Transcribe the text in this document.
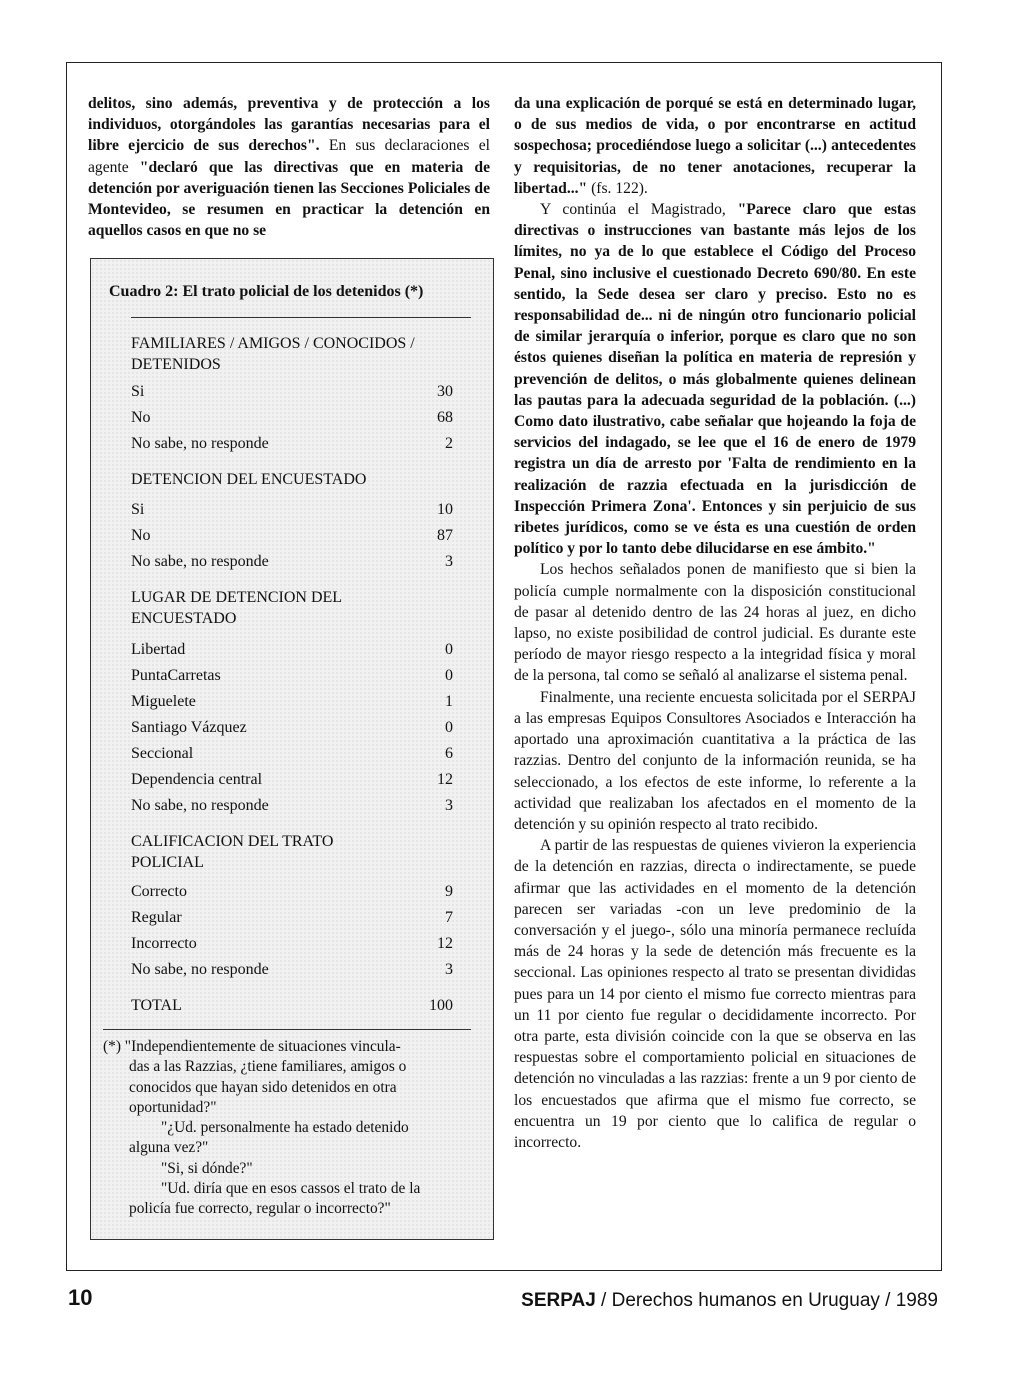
delitos, sino además, preventiva y de protección a los individuos, otorgándoles las garantías necesarias para el libre ejercicio de sus derechos". En sus declaraciones el agente "declaró que las directivas que en materia de detención por averiguación tienen las Secciones Policiales de Montevideo, se resumen en practicar la detención en aquellos casos en que no se

Cuadro 2: El trato policial de los detenidos (*)
FAMILIARES / AMIGOS / CONOCIDOS / DETENIDOS
Si	30
No	68
No sabe, no responde	2
DETENCION DEL ENCUESTADO
Si	10
No	87
No sabe, no responde	3
LUGAR DE DETENCION DEL ENCUESTADO
Libertad	0
PuntaCarretas	0
Miguelete	1
Santiago Vázquez	0
Seccional	6
Dependencia central	12
No sabe, no responde	3
CALIFICACION DEL TRATO POLICIAL
Correcto	9
Regular	7
Incorrecto	12
No sabe, no responde	3
TOTAL	100
(*) "Independientemente de situaciones vincula-
das a las Razzias, ¿tiene familiares, amigos o
conocidos que hayan sido detenidos en otra
oportunidad?"
"¿Ud. personalmente ha estado detenido
alguna vez?"
"Si, si dónde?"
"Ud. diría que en esos cassos el trato de la
policía fue correcto, regular o incorrecto?"

da una explicación de porqué se está en determinado lugar, o de sus medios de vida, o por encontrarse en actitud sospechosa; procediéndose luego a solicitar (...) antecedentes y requisitorias, de no tener anotaciones, recuperar la libertad..." (fs. 122).

Y continúa el Magistrado, "Parece claro que estas directivas o instrucciones van bastante más lejos de los límites, no ya de lo que establece el Código del Proceso Penal, sino inclusive el cuestionado Decreto 690/80. En este sentido, la Sede desea ser claro y preciso. Esto no es responsabilidad de... ni de ningún otro funcionario policial de similar jerarquía o inferior, porque es claro que no son éstos quienes diseñan la política en materia de represión y prevención de delitos, o más globalmente quienes delinean las pautas para la adecuada seguridad de la población. (...) Como dato ilustrativo, cabe señalar que hojeando la foja de servicios del indagado, se lee que el 16 de enero de 1979 registra un día de arresto por 'Falta de rendimiento en la realización de razzia efectuada en la jurisdicción de Inspección Primera Zona'. Entonces y sin perjuicio de sus ribetes jurídicos, como se ve ésta es una cuestión de orden político y por lo tanto debe dilucidarse en ese ámbito."

Los hechos señalados ponen de manifiesto que si bien la policía cumple normalmente con la disposición constitucional de pasar al detenido dentro de las 24 horas al juez, en dicho lapso, no existe posibilidad de control judicial. Es durante este período de mayor riesgo respecto a la integridad física y moral de la persona, tal como se señaló al analizarse el sistema penal.

Finalmente, una reciente encuesta solicitada por el SERPAJ a las empresas Equipos Consultores Asociados e Interacción ha aportado una aproximación cuantitativa a la práctica de las razzias. Dentro del conjunto de la información reunida, se ha seleccionado, a los efectos de este informe, lo referente a la actividad que realizaban los afectados en el momento de la detención y su opinión respecto al trato recibido.

A partir de las respuestas de quienes vivieron la experiencia de la detención en razzias, directa o indirectamente, se puede afirmar que las actividades en el momento de la detención parecen ser variadas -con un leve predominio de la conversación y el juego-, sólo una minoría permanece recluída más de 24 horas y la sede de detención más frecuente es la seccional. Las opiniones respecto al trato se presentan divididas pues para un 14 por ciento el mismo fue correcto mientras para un 11 por ciento fue regular o decididamente incorrecto. Por otra parte, esta división coincide con la que se observa en las respuestas sobre el comportamiento policial en situaciones de detención no vinculadas a las razzias: frente a un 9 por ciento de los encuestados que afirma que el mismo fue correcto, se encuentra un 19 por ciento que lo califica de regular o incorrecto.

10	SERPAJ / Derechos humanos en Uruguay / 1989
